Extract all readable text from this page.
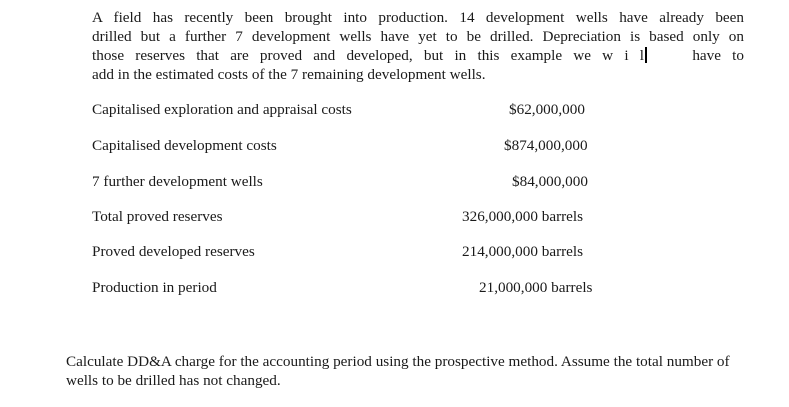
A field has recently been brought into production. 14 development wells have already been
drilled but a further 7 development wells have yet to be drilled. Depreciation is based only on
those reserves that are proved and developed, but in this example we w i l	have to
add in the estimated costs of the 7 remaining development wells.
Capitalised exploration and appraisal costs	$62,000,000
Capitalised development costs	$874,000,000
7 further development wells	$84,000,000
Total proved reserves	326,000,000 barrels
Proved developed reserves	214,000,000 barrels
Production in period	21,000,000 barrels

Calculate DD&A charge for the accounting period using the prospective method. Assume the total number of wells to be drilled has not changed.
